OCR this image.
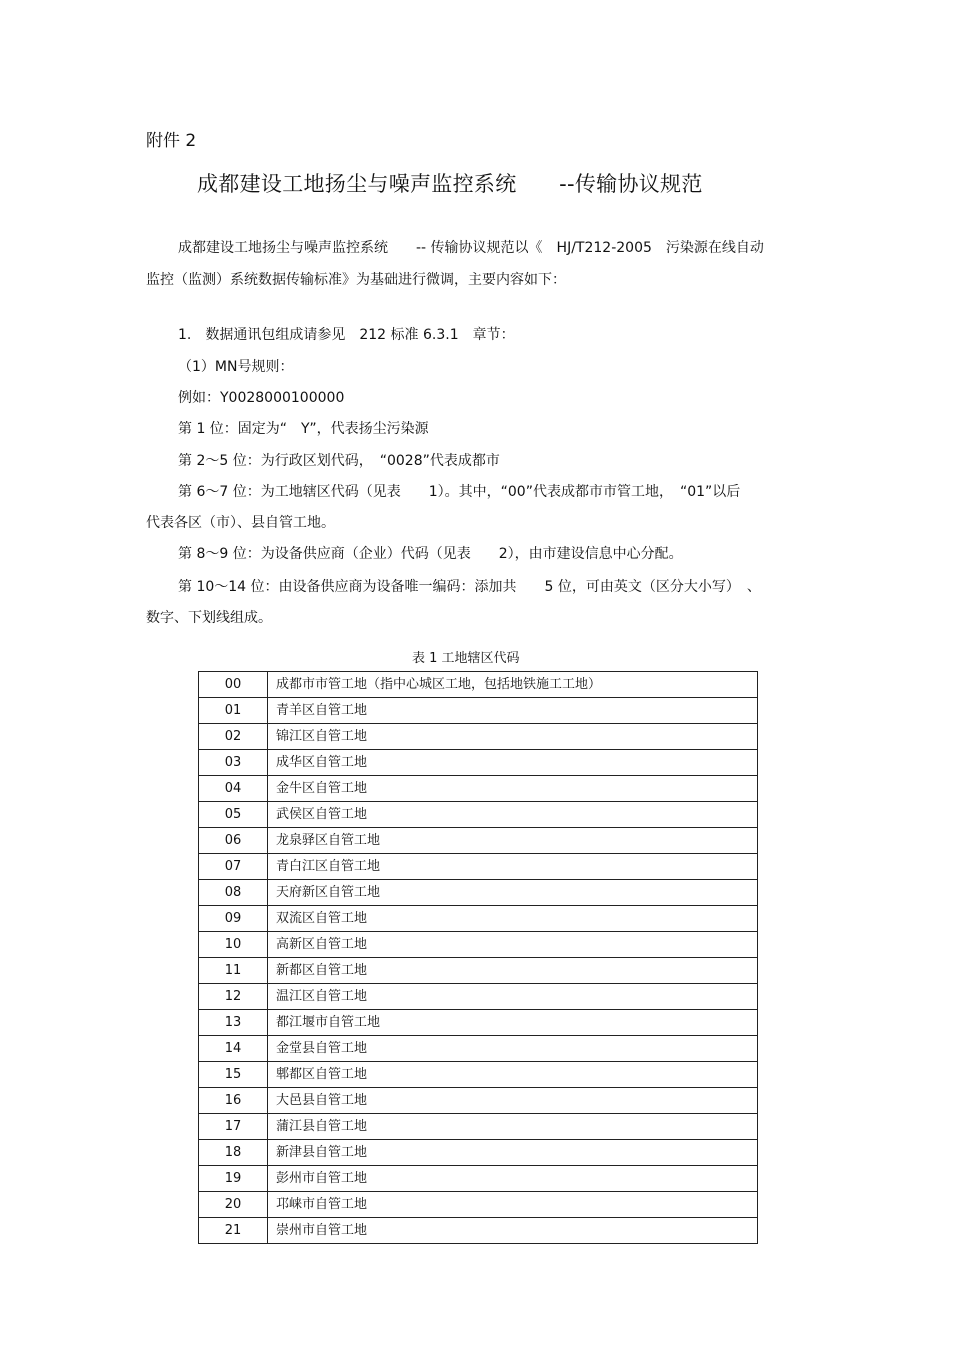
附件 2
成都建设工地扬尘与噪声监控系统　　--传输协议规范
成都建设工地扬尘与噪声监控系统　　-- 传输协议规范以《　HJ/T212-2005　污染源在线自动
监控（监测）系统数据传输标准》为基础进行微调，主要内容如下：
1.　数据通讯包组成请参见　212 标准 6.3.1　章节：
（1）MN号规则：
例如：Y0028000100000
第 1 位：固定为“　Y”，代表扬尘污染源
第 2～5 位：为行政区划代码，　“0028”代表成都市
第 6～7 位：为工地辖区代码（见表　　1）。其中，“00”代表成都市市管工地，　“01”以后
代表各区（市）、县自管工地。
第 8～9 位：为设备供应商（企业）代码（见表　　2），由市建设信息中心分配。
第 10～14 位：由设备供应商为设备唯一编码：添加共　　5 位，可由英文（区分大小写）　、
数字、下划线组成。
表 1 工地辖区代码
00	成都市市管工地（指中心城区工地，包括地铁施工工地）
01	青羊区自管工地
02	锦江区自管工地
03	成华区自管工地
04	金牛区自管工地
05	武侯区自管工地
06	龙泉驿区自管工地
07	青白江区自管工地
08	天府新区自管工地
09	双流区自管工地
10	高新区自管工地
11	新都区自管工地
12	温江区自管工地
13	都江堰市自管工地
14	金堂县自管工地
15	郫都区自管工地
16	大邑县自管工地
17	蒲江县自管工地
18	新津县自管工地
19	彭州市自管工地
20	邛崃市自管工地
21	崇州市自管工地
